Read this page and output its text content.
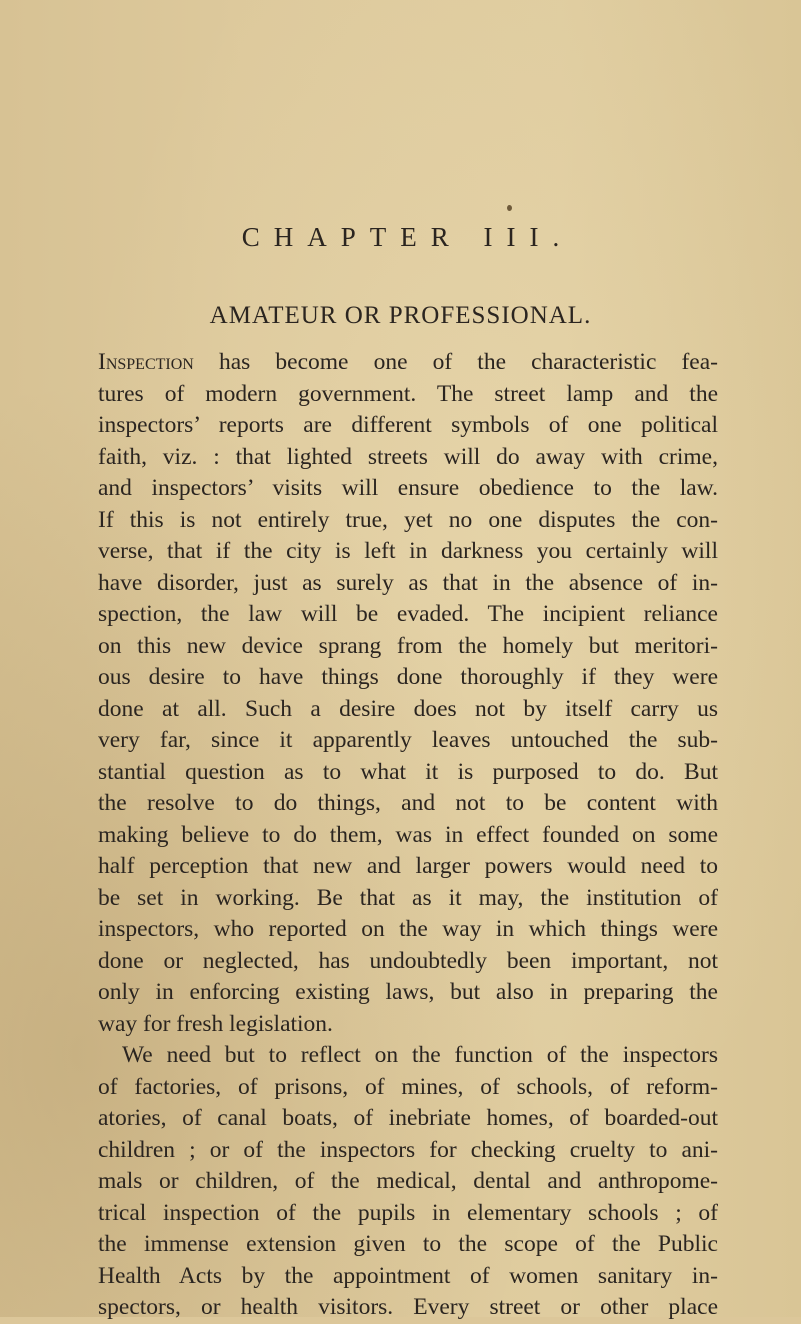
CHAPTER III.
AMATEUR OR PROFESSIONAL.
Inspection has become one of the characteristic fea-
tures of modern government. The street lamp and the
inspectors’ reports are different symbols of one political
faith, viz. : that lighted streets will do away with crime,
and inspectors’ visits will ensure obedience to the law.
If this is not entirely true, yet no one disputes the con-
verse, that if the city is left in darkness you certainly will
have disorder, just as surely as that in the absence of in-
spection, the law will be evaded. The incipient reliance
on this new device sprang from the homely but meritori-
ous desire to have things done thoroughly if they were
done at all. Such a desire does not by itself carry us
very far, since it apparently leaves untouched the sub-
stantial question as to what it is purposed to do. But
the resolve to do things, and not to be content with
making believe to do them, was in effect founded on some
half perception that new and larger powers would need to
be set in working. Be that as it may, the institution of
inspectors, who reported on the way in which things were
done or neglected, has undoubtedly been important, not
only in enforcing existing laws, but also in preparing the
way for fresh legislation.
We need but to reflect on the function of the inspectors
of factories, of prisons, of mines, of schools, of reform-
atories, of canal boats, of inebriate homes, of boarded-out
children ; or of the inspectors for checking cruelty to ani-
mals or children, of the medical, dental and anthropome-
trical inspection of the pupils in elementary schools ; of
the immense extension given to the scope of the Public
Health Acts by the appointment of women sanitary in-
spectors, or health visitors. Every street or other place
